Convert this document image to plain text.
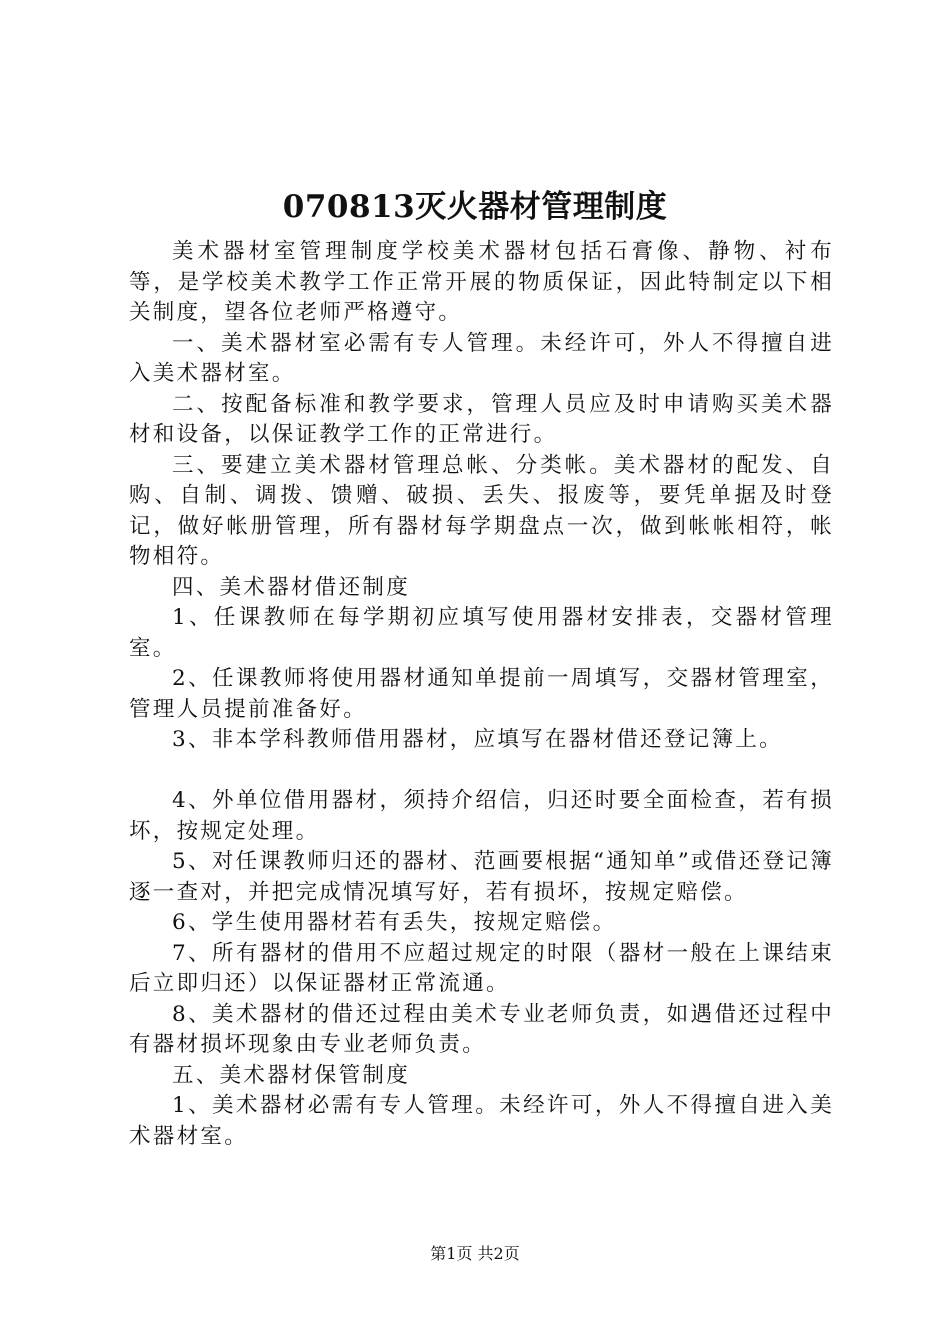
070813灭火器材管理制度

美术器材室管理制度学校美术器材包括石膏像、静物、衬布等，是学校美术教学工作正常开展的物质保证，因此特制定以下相关制度，望各位老师严格遵守。

一、美术器材室必需有专人管理。未经许可，外人不得擅自进入美术器材室。

二、按配备标准和教学要求，管理人员应及时申请购买美术器材和设备，以保证教学工作的正常进行。

三、要建立美术器材管理总帐、分类帐。美术器材的配发、自购、自制、调拨、馈赠、破损、丢失、报废等，要凭单据及时登记，做好帐册管理，所有器材每学期盘点一次，做到帐帐相符，帐物相符。

四、美术器材借还制度

1、任课教师在每学期初应填写使用器材安排表，交器材管理室。

2、任课教师将使用器材通知单提前一周填写，交器材管理室，管理人员提前准备好。

3、非本学科教师借用器材，应填写在器材借还登记簿上。

4、外单位借用器材，须持介绍信，归还时要全面检查，若有损坏，按规定处理。

5、对任课教师归还的器材、范画要根据“通知单”或借还登记簿逐一查对，并把完成情况填写好，若有损坏，按规定赔偿。

6、学生使用器材若有丢失，按规定赔偿。

7、所有器材的借用不应超过规定的时限（器材一般在上课结束后立即归还）以保证器材正常流通。

8、美术器材的借还过程由美术专业老师负责，如遇借还过程中有器材损坏现象由专业老师负责。

五、美术器材保管制度

1、美术器材必需有专人管理。未经许可，外人不得擅自进入美术器材室。

第1页 共2页
